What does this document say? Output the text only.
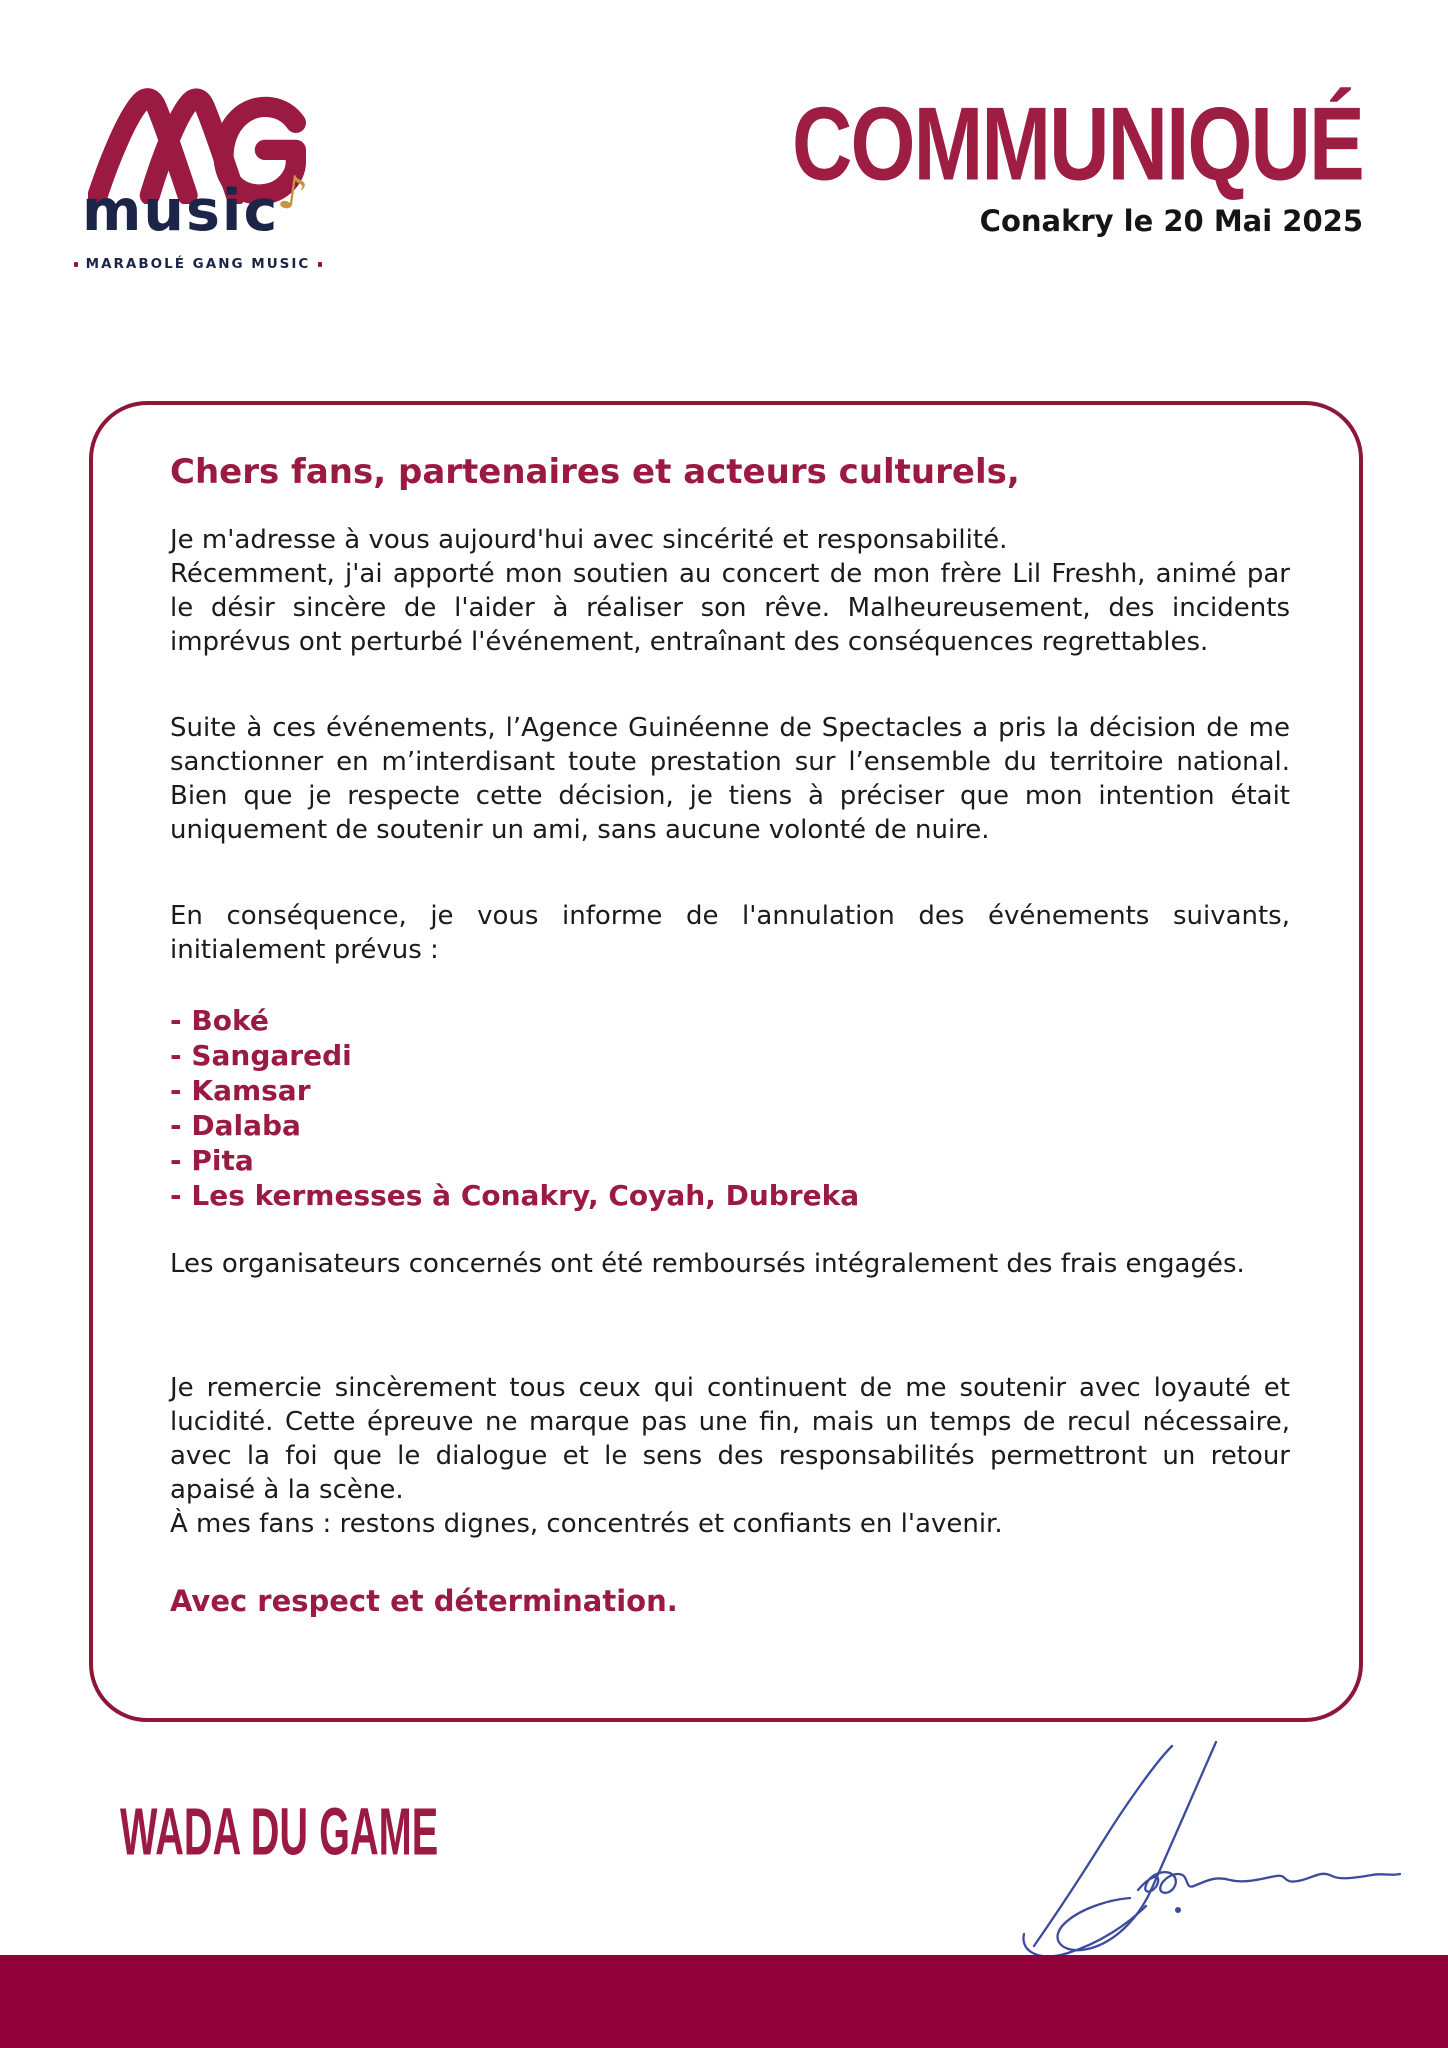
music
♪
MARABOLÉ GANG MUSIC
COMMUNIQUÉ
Conakry le 20 Mai 2025
Chers fans, partenaires et acteurs culturels,

Je m'adresse à vous aujourd'hui avec sincérité et responsabilité.

Récemment, j'ai apporté mon soutien au concert de mon frère Lil Freshh, animé par le désir sincère de l'aider à réaliser son rêve. Malheureusement, des incidents imprévus ont perturbé l'événement, entraînant des conséquences regrettables.

Suite à ces événements, l’Agence Guinéenne de Spectacles a pris la décision de me sanctionner en m’interdisant toute prestation sur l’ensemble du territoire national. Bien que je respecte cette décision, je tiens à préciser que mon intention était uniquement de soutenir un ami, sans aucune volonté de nuire.

En conséquence, je vous informe de l'annulation des événements suivants, initialement prévus :

- Boké
- Sangaredi
- Kamsar
- Dalaba
- Pita
- Les kermesses à Conakry, Coyah, Dubreka

Les organisateurs concernés ont été remboursés intégralement des frais engagés.

Je remercie sincèrement tous ceux qui continuent de me soutenir avec loyauté et lucidité. Cette épreuve ne marque pas une fin, mais un temps de recul nécessaire, avec la foi que le dialogue et le sens des responsabilités permettront un retour apaisé à la scène.

À mes fans : restons dignes, concentrés et confiants en l'avenir.

Avec respect et détermination.
WADA DU GAME
